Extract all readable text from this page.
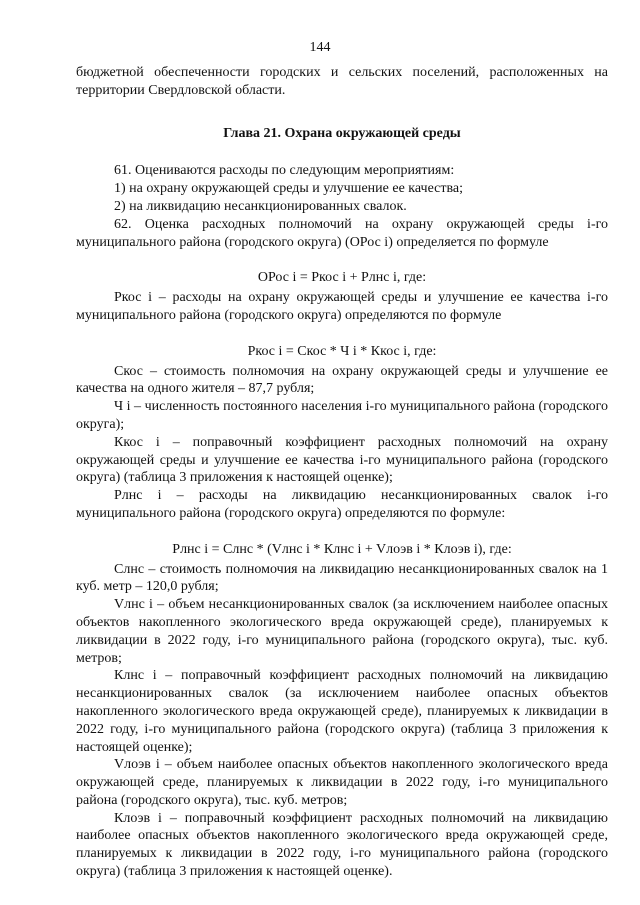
144

бюджетной обеспеченности городских и сельских поселений, расположенных на территории Свердловской области.

Глава 21. Охрана окружающей среды

61. Оцениваются расходы по следующим мероприятиям:

1) на охрану окружающей среды и улучшение ее качества;

2) на ликвидацию несанкционированных свалок.

62. Оценка расходных полномочий на охрану окружающей среды i-го муниципального района (городского округа) (ОРос i) определяется по формуле

ОРос i = Ркос i + Рлнс i, где:

Ркос i – расходы на охрану окружающей среды и улучшение ее качества i-го муниципального района (городского округа) определяются по формуле

Ркос i = Скос * Ч i * Ккос i, где:

Скос – стоимость полномочия на охрану окружающей среды и улучшение ее качества на одного жителя – 87,7 рубля;

Ч i – численность постоянного населения i-го муниципального района (городского округа);

Ккос i – поправочный коэффициент расходных полномочий на охрану окружающей среды и улучшение ее качества i-го муниципального района (городского округа) (таблица 3 приложения к настоящей оценке);

Рлнс i – расходы на ликвидацию несанкционированных свалок i-го муниципального района (городского округа) определяются по формуле:

Рлнс i = Слнс * (Vлнс i * Клнс i + Vлоэв i * Клоэв i), где:

Слнс – стоимость полномочия на ликвидацию несанкционированных свалок на 1 куб. метр – 120,0 рубля;

Vлнс i – объем несанкционированных свалок (за исключением наиболее опасных объектов накопленного экологического вреда окружающей среде), планируемых к ликвидации в 2022 году, i-го муниципального района (городского округа), тыс. куб. метров;

Клнс i – поправочный коэффициент расходных полномочий на ликвидацию несанкционированных свалок (за исключением наиболее опасных объектов накопленного экологического вреда окружающей среде), планируемых к ликвидации в 2022 году, i-го муниципального района (городского округа) (таблица 3 приложения к настоящей оценке);

Vлоэв i – объем наиболее опасных объектов накопленного экологического вреда окружающей среде, планируемых к ликвидации в 2022 году, i-го муниципального района (городского округа), тыс. куб. метров;

Клоэв i – поправочный коэффициент расходных полномочий на ликвидацию наиболее опасных объектов накопленного экологического вреда окружающей среде, планируемых к ликвидации в 2022 году, i-го муниципального района (городского округа) (таблица 3 приложения к настоящей оценке).
